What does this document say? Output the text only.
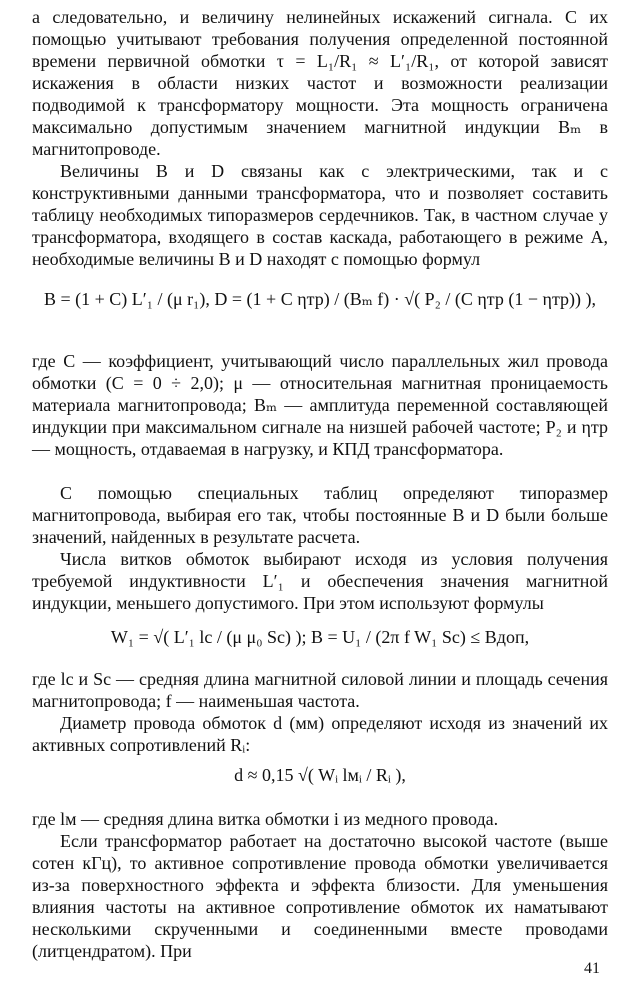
а следовательно, и величину нелинейных искажений сигнала. С их помощью учитывают требования получения определенной постоянной времени первичной обмотки τ = L₁/R₁ ≈ L′₁/R₁, от которой зависят искажения в области низких частот и возможности реализации подводимой к трансформатору мощности. Эта мощность ограничена максимально допустимым значением магнитной индукции Bₘ в магнитопроводе.

Величины B и D связаны как с электрическими, так и с конструктивными данными трансформатора, что и позволяет составить таблицу необходимых типоразмеров сердечников. Так, в частном случае у трансформатора, входящего в состав каскада, работающего в режиме A, необходимые величины B и D находят с помощью формул

B = (1 + C) L′₁ / (μ r₁), D = (1 + C ηтр) / (Bₘ f) · √( P₂ / (C ηтр (1 − ηтр)) ),

где C — коэффициент, учитывающий число параллельных жил провода обмотки (C = 0 ÷ 2,0); μ — относительная магнитная проницаемость материала магнитопровода; Bₘ — амплитуда переменной составляющей индукции при максимальном сигнале на низшей рабочей частоте; P₂ и ηтр — мощность, отдаваемая в нагрузку, и КПД трансформатора.

С помощью специальных таблиц определяют типоразмер магнитопровода, выбирая его так, чтобы постоянные B и D были больше значений, найденных в результате расчета.

Числа витков обмоток выбирают исходя из условия получения требуемой индуктивности L′₁ и обеспечения значения магнитной индукции, меньшего допустимого. При этом используют формулы

W₁ = √( L′₁ lс / (μ μ₀ Sс) ); B = U₁ / (2π f W₁ Sс) ≤ Bдоп,

где lс и Sс — средняя длина магнитной силовой линии и площадь сечения магнитопровода; f — наименьшая частота.

Диаметр провода обмоток d (мм) определяют исходя из значений их активных сопротивлений Rᵢ:

d ≈ 0,15 √( Wᵢ lмᵢ / Rᵢ ),

где lм — средняя длина витка обмотки i из медного провода.

Если трансформатор работает на достаточно высокой частоте (выше сотен кГц), то активное сопротивление провода обмотки увеличивается из-за поверхностного эффекта и эффекта близости. Для уменьшения влияния частоты на активное сопротивление обмоток их наматывают несколькими скрученными и соединенными вместе проводами (литцендратом). При

41
